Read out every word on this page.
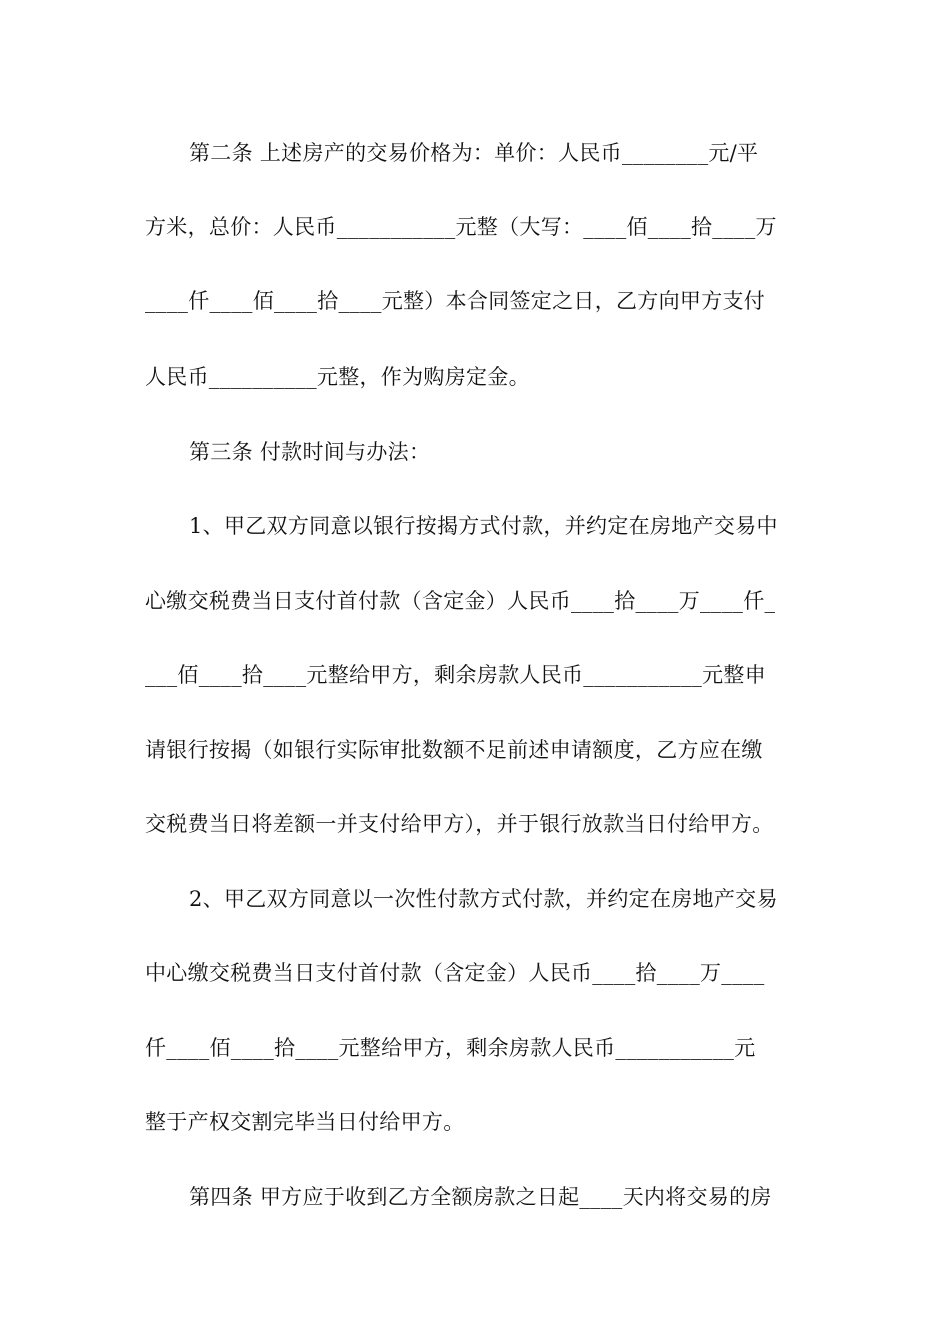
第二条 上述房产的交易价格为：单价：人民币________元/平
方米，总价：人民币___________元整（大写：____佰____拾____万
____仟____佰____拾____元整）本合同签定之日，乙方向甲方支付
人民币__________元整，作为购房定金。
第三条 付款时间与办法：
1、甲乙双方同意以银行按揭方式付款，并约定在房地产交易中
心缴交税费当日支付首付款（含定金）人民币____拾____万____仟_
___佰____拾____元整给甲方，剩余房款人民币___________元整申
请银行按揭（如银行实际审批数额不足前述申请额度，乙方应在缴
交税费当日将差额一并支付给甲方），并于银行放款当日付给甲方。
2、甲乙双方同意以一次性付款方式付款，并约定在房地产交易
中心缴交税费当日支付首付款（含定金）人民币____拾____万____
仟____佰____拾____元整给甲方，剩余房款人民币___________元
整于产权交割完毕当日付给甲方。
第四条 甲方应于收到乙方全额房款之日起____天内将交易的房
